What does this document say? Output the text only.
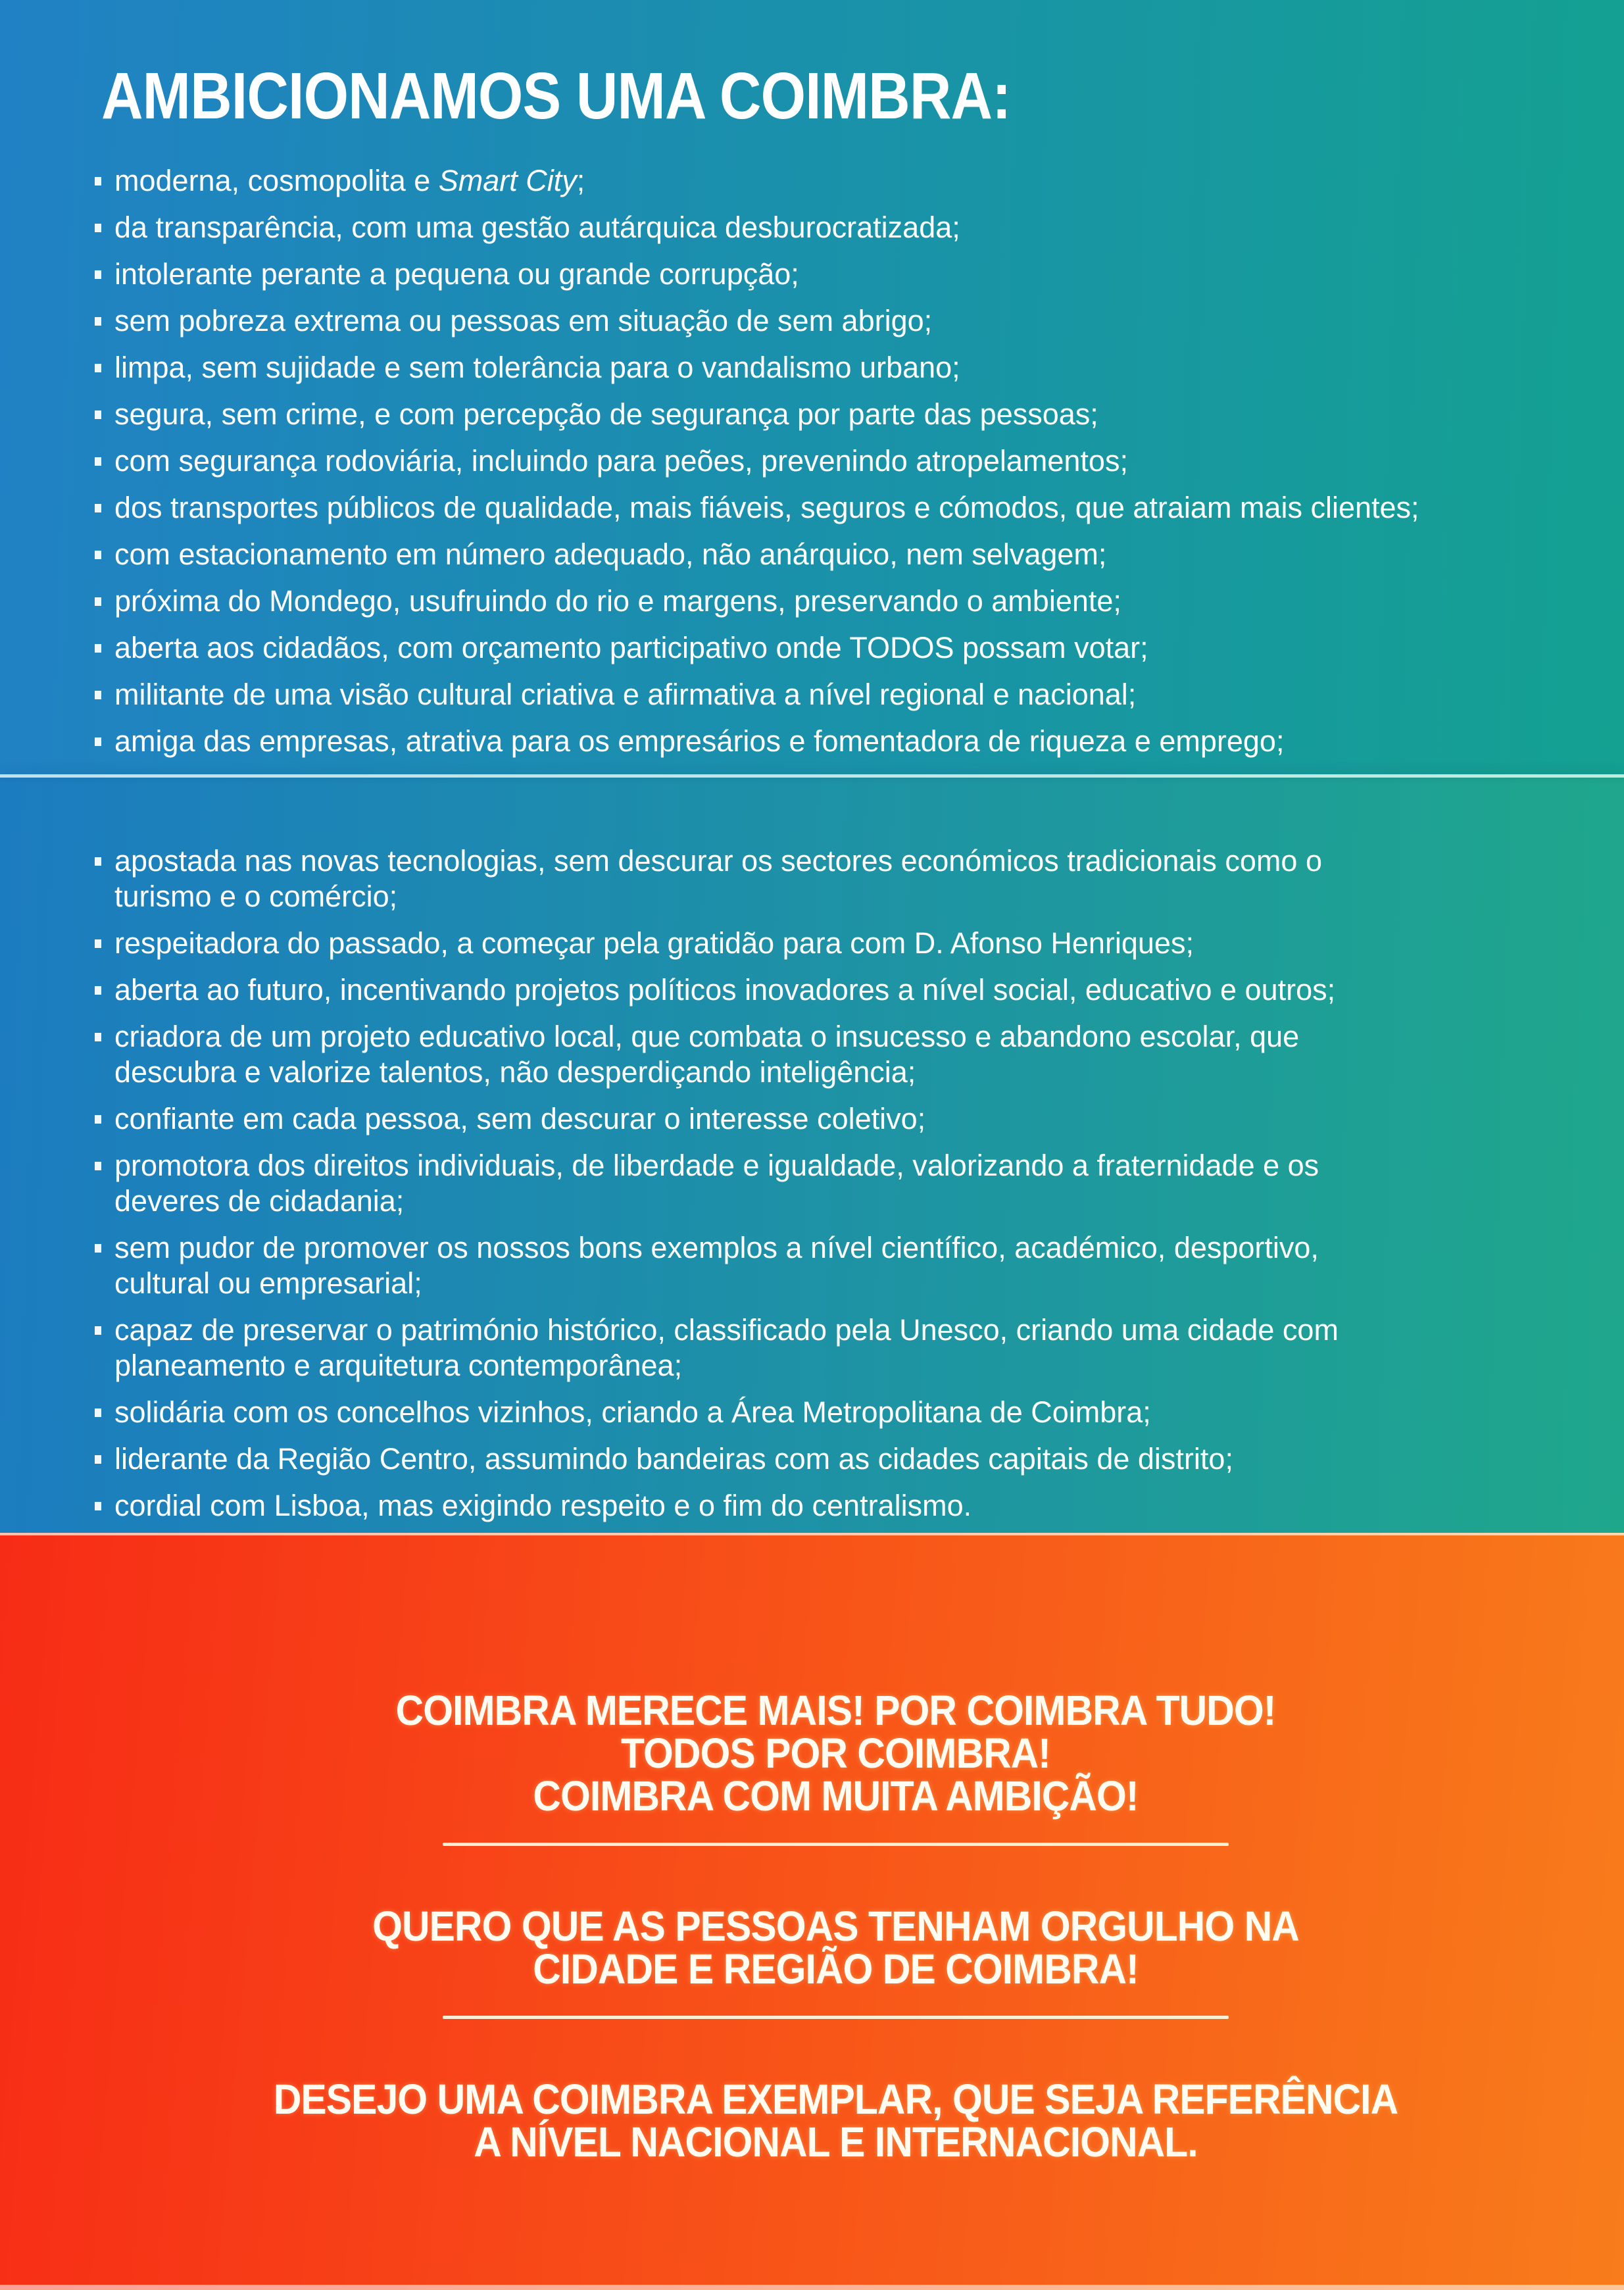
AMBICIONAMOS UMA COIMBRA:
moderna, cosmopolita e Smart City;
da transparência, com uma gestão autárquica desburocratizada;
intolerante perante a pequena ou grande corrupção;
sem pobreza extrema ou pessoas em situação de sem abrigo;
limpa, sem sujidade e sem tolerância para o vandalismo urbano;
segura, sem crime, e com percepção de segurança por parte das pessoas;
com segurança rodoviária, incluindo para peões, prevenindo atropelamentos;
dos transportes públicos de qualidade, mais fiáveis, seguros e cómodos, que atraiam mais clientes;
com estacionamento em número adequado, não anárquico, nem selvagem;
próxima do Mondego, usufruindo do rio e margens, preservando o ambiente;
aberta aos cidadãos, com orçamento participativo onde TODOS possam votar;
militante de uma visão cultural criativa e afirmativa a nível regional e nacional;
amiga das empresas, atrativa para os empresários e fomentadora de riqueza e emprego;
apostada nas novas tecnologias, sem descurar os sectores económicos tradicionais como o
turismo e o comércio;
respeitadora do passado, a começar pela gratidão para com D. Afonso Henriques;
aberta ao futuro, incentivando projetos políticos inovadores a nível social, educativo e outros;
criadora de um projeto educativo local, que combata o insucesso e abandono escolar, que
descubra e valorize talentos, não desperdiçando inteligência;
confiante em cada pessoa, sem descurar o interesse coletivo;
promotora dos direitos individuais, de liberdade e igualdade, valorizando a fraternidade e os
deveres de cidadania;
sem pudor de promover os nossos bons exemplos a nível científico, académico, desportivo,
cultural ou empresarial;
capaz de preservar o património histórico, classificado pela Unesco, criando uma cidade com
planeamento e arquitetura contemporânea;
solidária com os concelhos vizinhos, criando a Área Metropolitana de Coimbra;
liderante da Região Centro, assumindo bandeiras com as cidades capitais de distrito;
cordial com Lisboa, mas exigindo respeito e o fim do centralismo.
COIMBRA MERECE MAIS! POR COIMBRA TUDO!
TODOS POR COIMBRA!
COIMBRA COM MUITA AMBIÇÃO!
QUERO QUE AS PESSOAS TENHAM ORGULHO NA
CIDADE E REGIÃO DE COIMBRA!
DESEJO UMA COIMBRA EXEMPLAR, QUE SEJA REFERÊNCIA
A NÍVEL NACIONAL E INTERNACIONAL.
